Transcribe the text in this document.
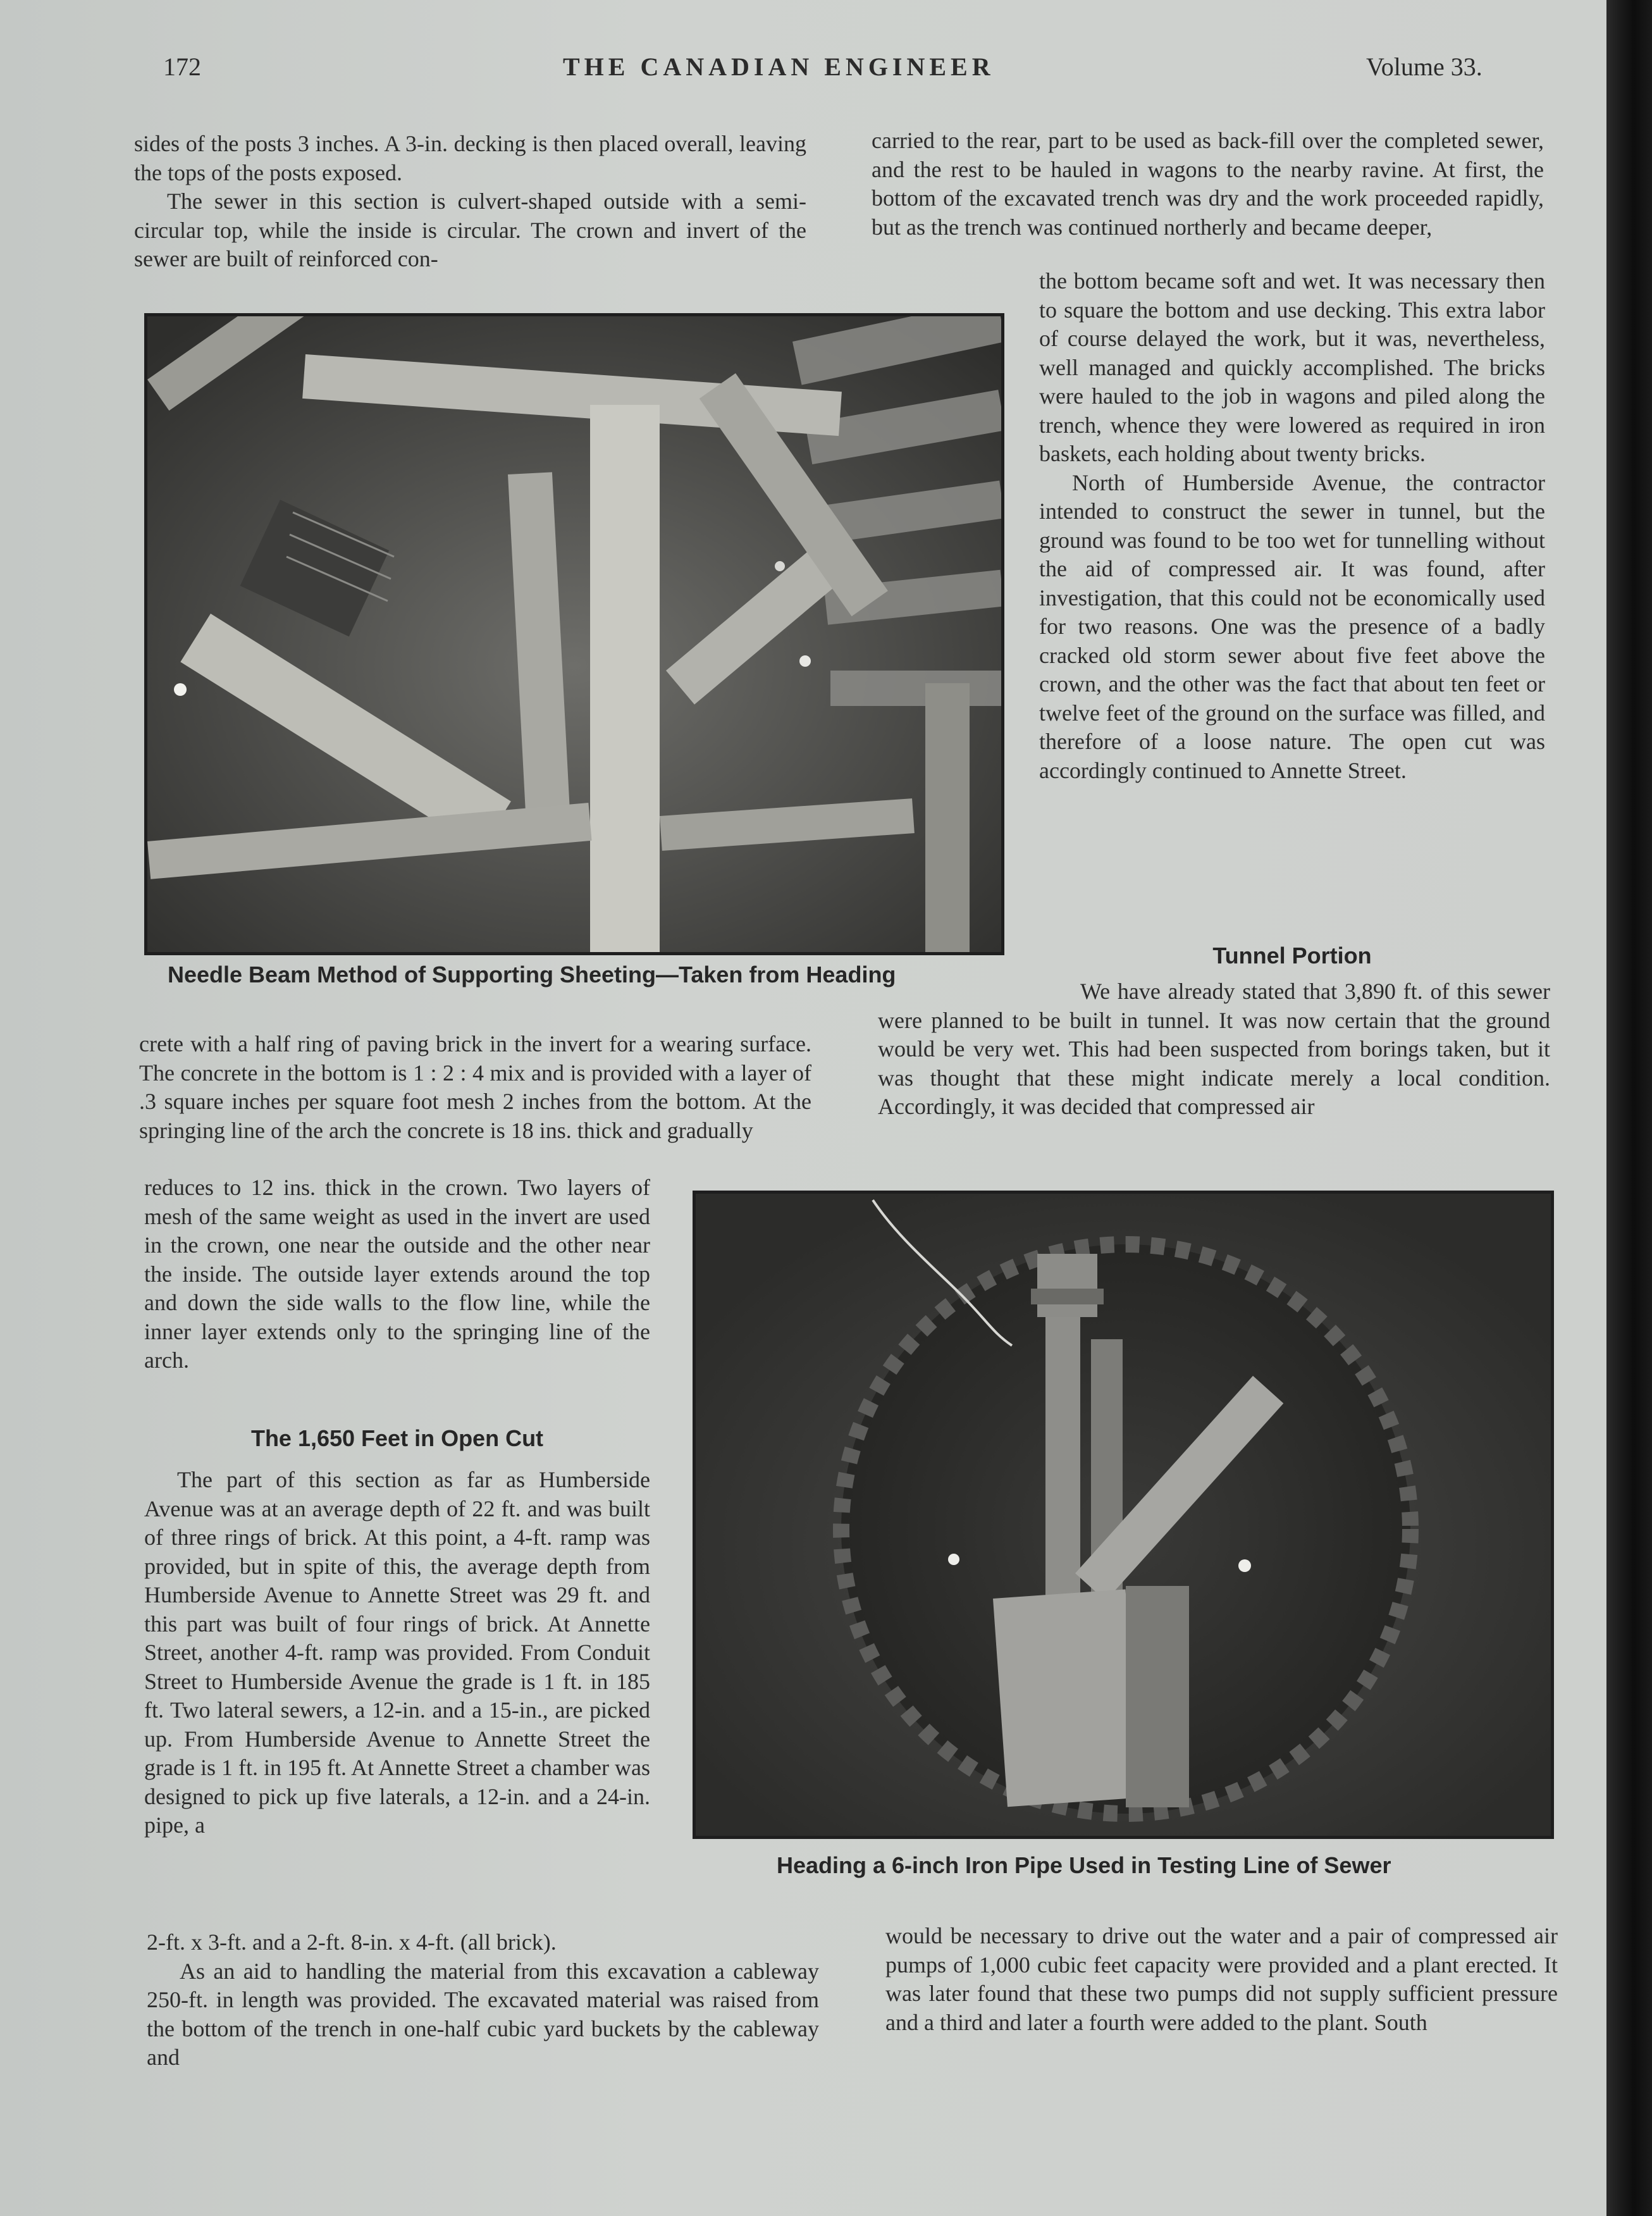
172	THE CANADIAN ENGINEER	Volume 33.

sides of the posts 3 inches. A 3-in. decking is then placed overall, leaving the tops of the posts exposed.

The sewer in this section is culvert-shaped outside with a semi-circular top, while the inside is circular. The crown and invert of the sewer are built of reinforced con-

carried to the rear, part to be used as back-fill over the completed sewer, and the rest to be hauled in wagons to the nearby ravine. At first, the bottom of the excavated trench was dry and the work proceeded rapidly, but as the trench was continued northerly and became deeper,

the bottom became soft and wet. It was necessary then to square the bottom and use decking. This extra labor of course delayed the work, but it was, nevertheless, well managed and quickly accomplished. The bricks were hauled to the job in wagons and piled along the trench, whence they were lowered as required in iron baskets, each holding about twenty bricks.

North of Humberside Avenue, the contractor intended to construct the sewer in tunnel, but the ground was found to be too wet for tunnelling without the aid of compressed air. It was found, after investigation, that this could not be economically used for two reasons. One was the presence of a badly cracked old storm sewer about five feet above the crown, and the other was the fact that about ten feet or twelve feet of the ground on the surface was filled, and therefore of a loose nature. The open cut was accordingly continued to Annette Street.

Needle Beam Method of Supporting Sheeting—Taken from Heading
Tunnel Portion

We have already stated that 3,890 ft. of this sewer were planned to be built in tunnel. It was now certain that the ground would be very wet. This had been suspected from borings taken, but it was thought that these might indicate merely a local condition. Accordingly, it was decided that compressed air

crete with a half ring of paving brick in the invert for a wearing surface. The concrete in the bottom is 1 : 2 : 4 mix and is provided with a layer of .3 square inches per square foot mesh 2 inches from the bottom. At the springing line of the arch the concrete is 18 ins. thick and gradually

reduces to 12 ins. thick in the crown. Two layers of mesh of the same weight as used in the invert are used in the crown, one near the outside and the other near the inside. The outside layer extends around the top and down the side walls to the flow line, while the inner layer extends only to the springing line of the arch.

The 1,650 Feet in Open Cut

The part of this section as far as Humberside Avenue was at an average depth of 22 ft. and was built of three rings of brick. At this point, a 4-ft. ramp was provided, but in spite of this, the average depth from Humberside Avenue to Annette Street was 29 ft. and this part was built of four rings of brick. At Annette Street, another 4-ft. ramp was provided. From Conduit Street to Humberside Avenue the grade is 1 ft. in 185 ft. Two lateral sewers, a 12-in. and a 15-in., are picked up. From Humberside Avenue to Annette Street the grade is 1 ft. in 195 ft. At Annette Street a chamber was designed to pick up five laterals, a 12-in. and a 24-in. pipe, a

2-ft. x 3-ft. and a 2-ft. 8-in. x 4-ft. (all brick).

As an aid to handling the material from this excavation a cableway 250-ft. in length was provided. The excavated material was raised from the bottom of the trench in one-half cubic yard buckets by the cableway and

Heading a 6-inch Iron Pipe Used in Testing Line of Sewer

would be necessary to drive out the water and a pair of compressed air pumps of 1,000 cubic feet capacity were provided and a plant erected. It was later found that these two pumps did not supply sufficient pressure and a third and later a fourth were added to the plant. South
